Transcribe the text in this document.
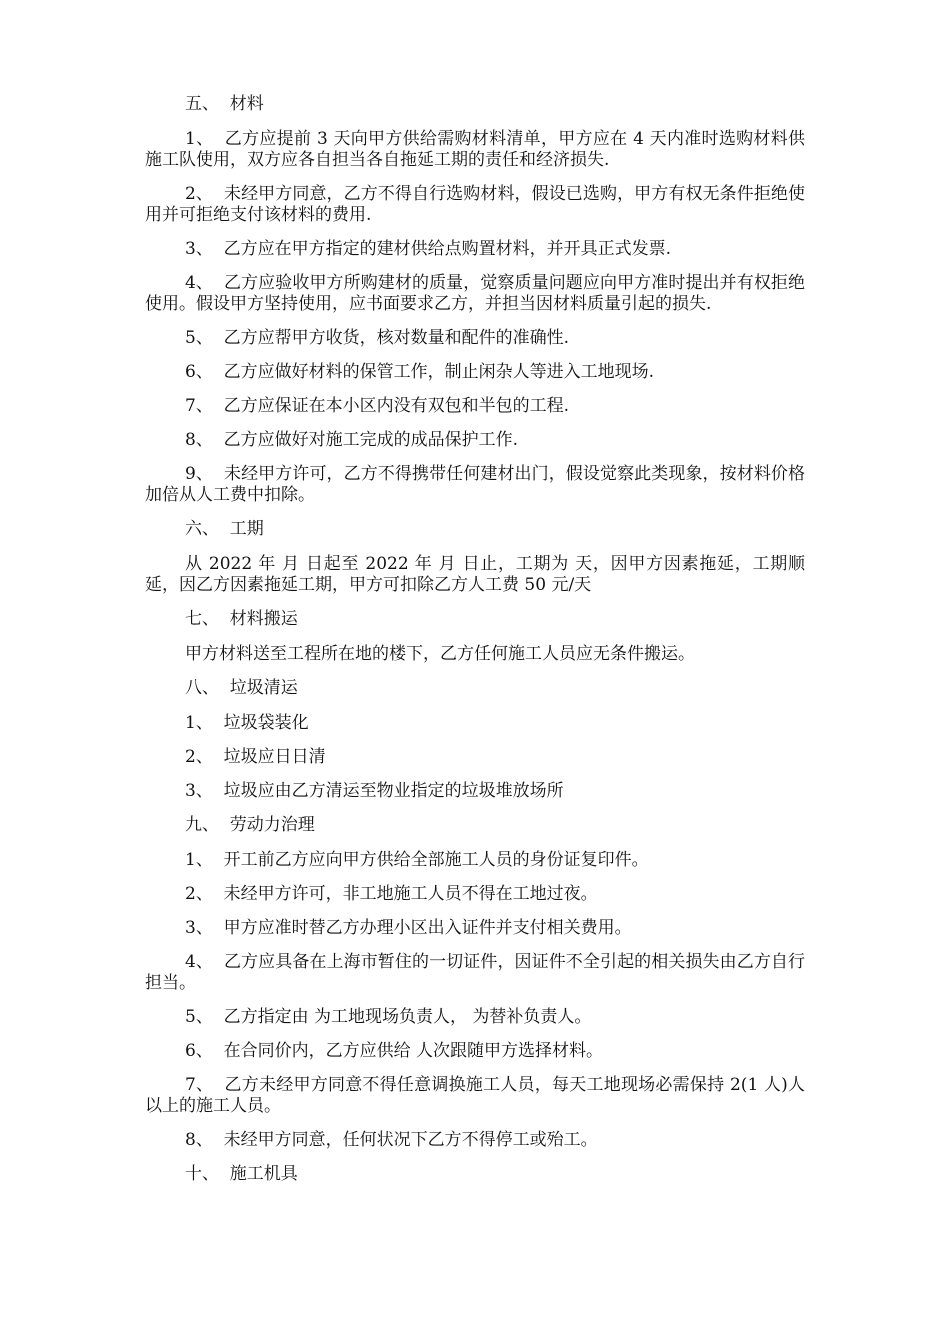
五、  材料

1、  乙方应提前 3 天向甲方供给需购材料清单，甲方应在 4 天内准时选购材料供施工队使用，双方应各自担当各自拖延工期的责任和经济损失.

2、  未经甲方同意，乙方不得自行选购材料，假设已选购，甲方有权无条件拒绝使用并可拒绝支付该材料的费用.

3、  乙方应在甲方指定的建材供给点购置材料，并开具正式发票.

4、  乙方应验收甲方所购建材的质量，觉察质量问题应向甲方准时提出并有权拒绝使用。假设甲方坚持使用，应书面要求乙方，并担当因材料质量引起的损失.

5、  乙方应帮甲方收货，核对数量和配件的准确性.

6、  乙方应做好材料的保管工作，制止闲杂人等进入工地现场.

7、  乙方应保证在本小区内没有双包和半包的工程.

8、  乙方应做好对施工完成的成品保护工作.

9、  未经甲方许可，乙方不得携带任何建材出门，假设觉察此类现象，按材料价格加倍从人工费中扣除。

六、  工期

从 2022 年 月 日起至 2022 年 月 日止，工期为 天，因甲方因素拖延，工期顺延，因乙方因素拖延工期，甲方可扣除乙方人工费 50 元/天

七、  材料搬运

甲方材料送至工程所在地的楼下，乙方任何施工人员应无条件搬运。

八、  垃圾清运

1、  垃圾袋装化

2、  垃圾应日日清

3、  垃圾应由乙方清运至物业指定的垃圾堆放场所

九、  劳动力治理

1、  开工前乙方应向甲方供给全部施工人员的身份证复印件。

2、  未经甲方许可，非工地施工人员不得在工地过夜。

3、  甲方应准时替乙方办理小区出入证件并支付相关费用。

4、  乙方应具备在上海市暂住的一切证件，因证件不全引起的相关损失由乙方自行担当。

5、  乙方指定由 为工地现场负责人， 为替补负责人。

6、  在合同价内，乙方应供给 人次跟随甲方选择材料。

7、  乙方未经甲方同意不得任意调换施工人员，每天工地现场必需保持 2(1 人)人以上的施工人员。

8、  未经甲方同意，任何状况下乙方不得停工或殆工。

十、  施工机具
